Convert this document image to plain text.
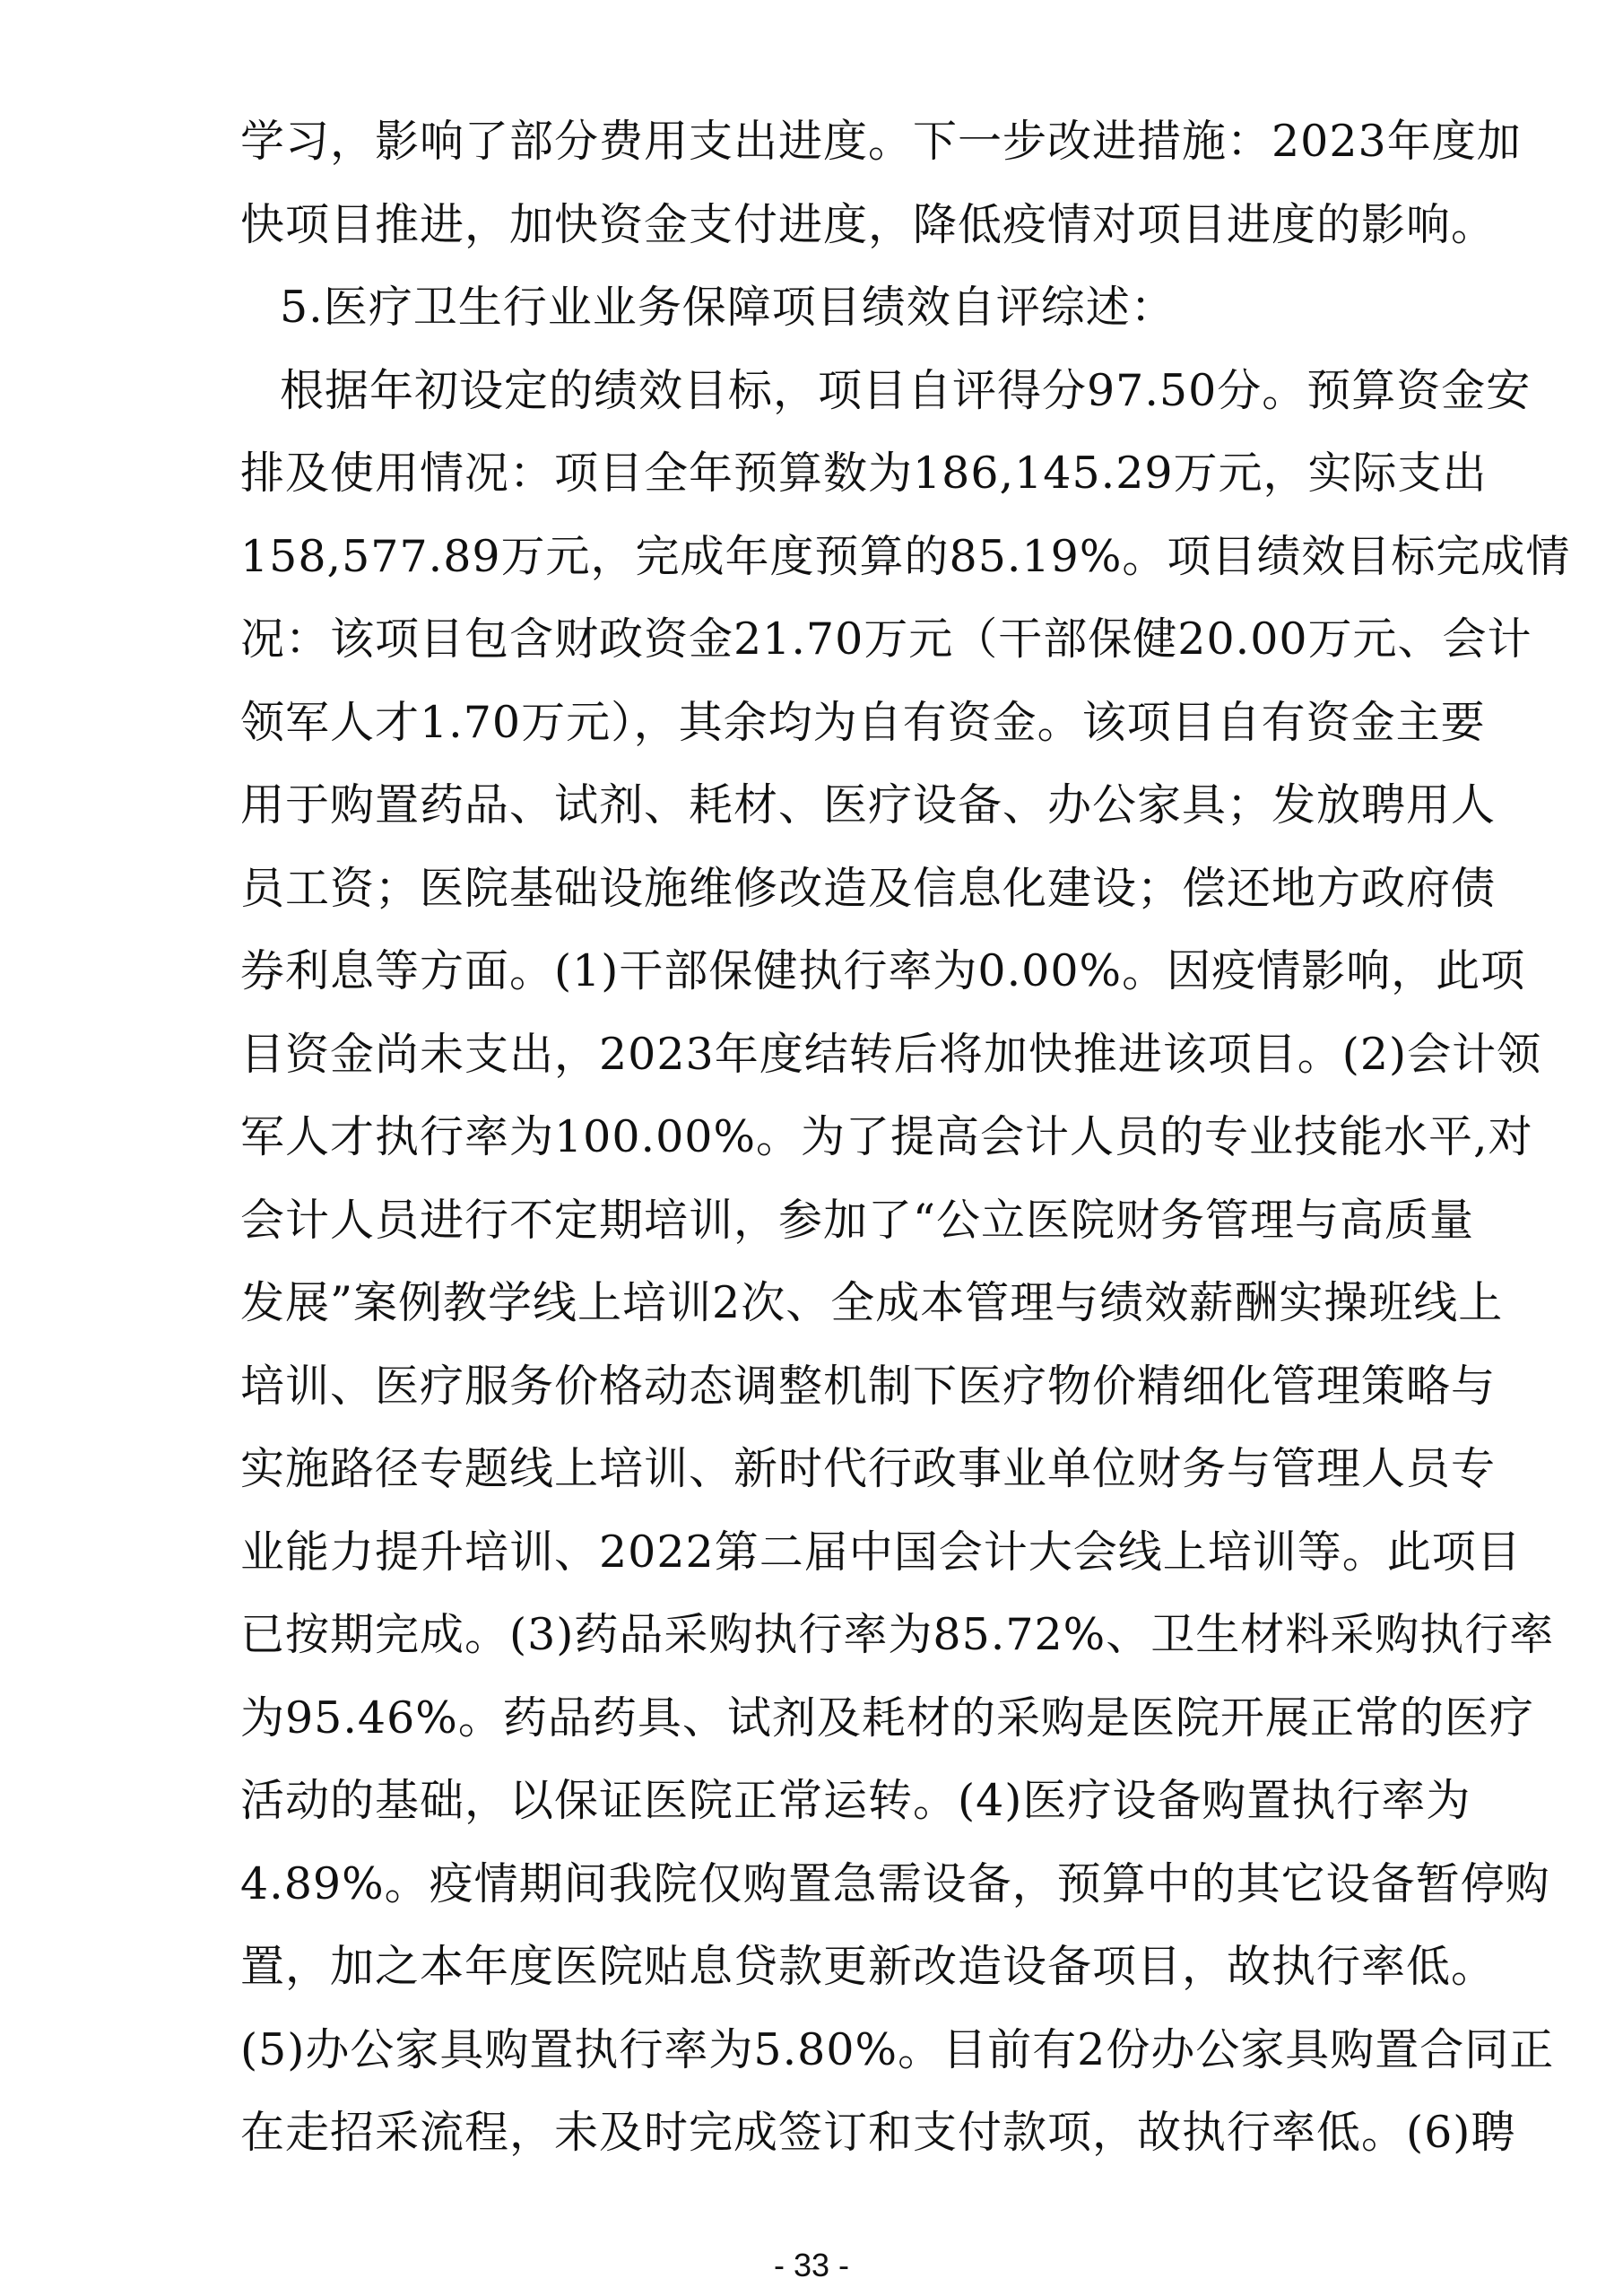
学习，影响了部分费用支出进度。下一步改进措施：2023年度加
快项目推进，加快资金支付进度，降低疫情对项目进度的影响。
5.医疗卫生行业业务保障项目绩效自评综述：
根据年初设定的绩效目标，项目自评得分97.50分。预算资金安
排及使用情况：项目全年预算数为186,145.29万元，实际支出
158,577.89万元，完成年度预算的85.19%。项目绩效目标完成情
况：该项目包含财政资金21.70万元（干部保健20.00万元、会计
领军人才1.70万元），其余均为自有资金。该项目自有资金主要
用于购置药品、试剂、耗材、医疗设备、办公家具；发放聘用人
员工资；医院基础设施维修改造及信息化建设；偿还地方政府债
券利息等方面。(1)干部保健执行率为0.00%。因疫情影响，此项
目资金尚未支出，2023年度结转后将加快推进该项目。(2)会计领
军人才执行率为100.00%。为了提高会计人员的专业技能水平,对
会计人员进行不定期培训，参加了“公立医院财务管理与高质量
发展”案例教学线上培训2次、全成本管理与绩效薪酬实操班线上
培训、医疗服务价格动态调整机制下医疗物价精细化管理策略与
实施路径专题线上培训、新时代行政事业单位财务与管理人员专
业能力提升培训、2022第二届中国会计大会线上培训等。此项目
已按期完成。(3)药品采购执行率为85.72%、卫生材料采购执行率
为95.46%。药品药具、试剂及耗材的采购是医院开展正常的医疗
活动的基础，以保证医院正常运转。(4)医疗设备购置执行率为
4.89%。疫情期间我院仅购置急需设备，预算中的其它设备暂停购
置，加之本年度医院贴息贷款更新改造设备项目，故执行率低。
(5)办公家具购置执行率为5.80%。目前有2份办公家具购置合同正
在走招采流程，未及时完成签订和支付款项，故执行率低。(6)聘
- 33 -
